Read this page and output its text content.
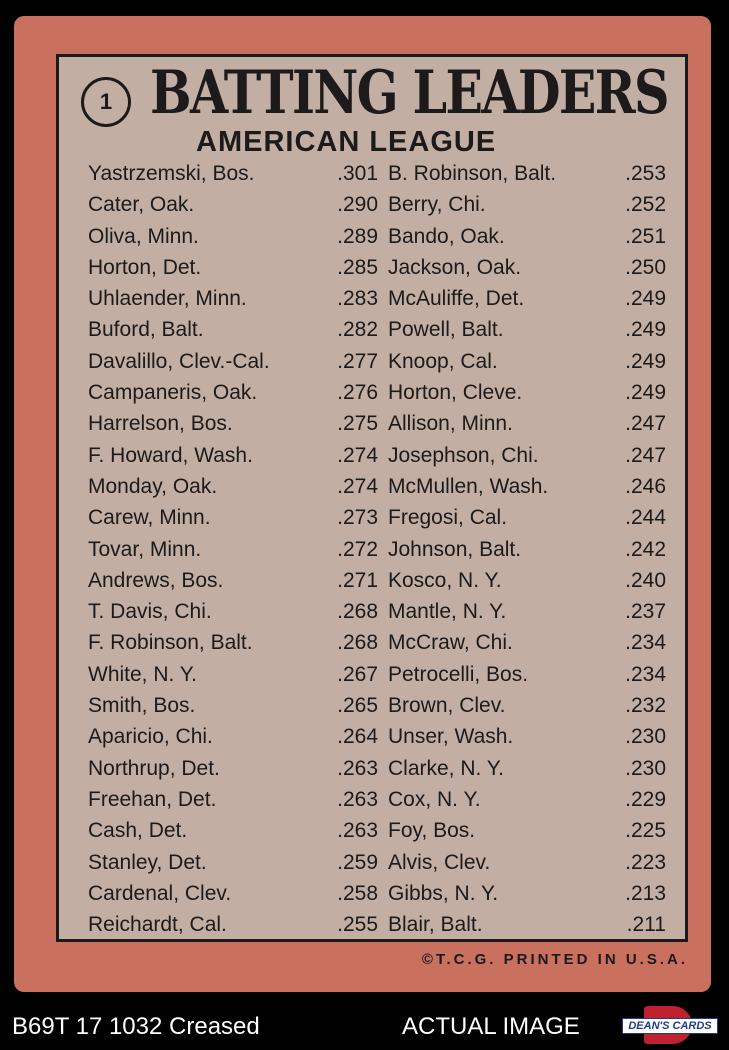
1 BATTING LEADERS
AMERICAN LEAGUE
Yastrzemski, Bos.	.301
Cater, Oak.	.290
Oliva, Minn.	.289
Horton, Det.	.285
Uhlaender, Minn.	.283
Buford, Balt.	.282
Davalillo, Clev.-Cal.	.277
Campaneris, Oak.	.276
Harrelson, Bos.	.275
F. Howard, Wash.	.274
Monday, Oak.	.274
Carew, Minn.	.273
Tovar, Minn.	.272
Andrews, Bos.	.271
T. Davis, Chi.	.268
F. Robinson, Balt.	.268
White, N. Y.	.267
Smith, Bos.	.265
Aparicio, Chi.	.264
Northrup, Det.	.263
Freehan, Det.	.263
Cash, Det.	.263
Stanley, Det.	.259
Cardenal, Clev.	.258
Reichardt, Cal.	.255
B. Robinson, Balt.	.253
Berry, Chi.	.252
Bando, Oak.	.251
Jackson, Oak.	.250
McAuliffe, Det.	.249
Powell, Balt.	.249
Knoop, Cal.	.249
Horton, Cleve.	.249
Allison, Minn.	.247
Josephson, Chi.	.247
McMullen, Wash.	.246
Fregosi, Cal.	.244
Johnson, Balt.	.242
Kosco, N. Y.	.240
Mantle, N. Y.	.237
McCraw, Chi.	.234
Petrocelli, Bos.	.234
Brown, Clev.	.232
Unser, Wash.	.230
Clarke, N. Y.	.230
Cox, N. Y.	.229
Foy, Bos.	.225
Alvis, Clev.	.223
Gibbs, N. Y.	.213
Blair, Balt.	.211
©T.C.G. PRINTED IN U.S.A.
B69T 17 1032 Creased	ACTUAL IMAGE	DEAN'S CARDS
